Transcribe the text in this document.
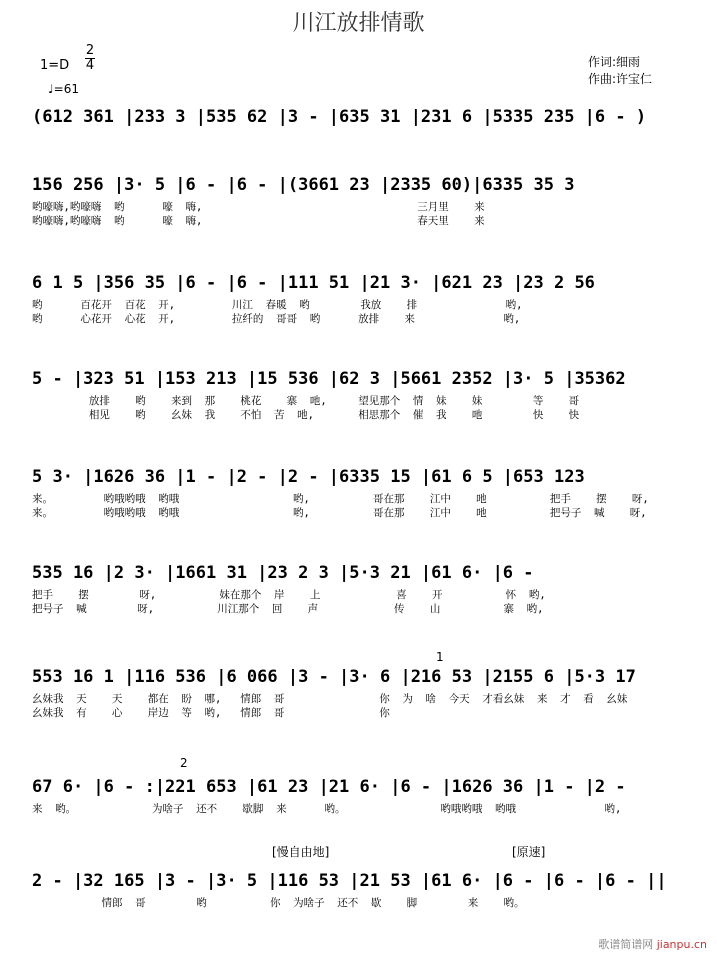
川江放排情歌
1=D
2
4
♩=61
作词:细雨
作曲:许宝仁
(612 361 |233 3 |535 62 |3 - |635 31 |231 6 |5335 235 |6 - )
156 256 |3· 5 |6 - |6 - |(3661 23 |2335 60)|6335 35 3
哟嚎嗨,哟嚎嗨  哟      嚎  嗨,                                  三月里    来
哟嚎嗨,哟嚎嗨  哟      嚎  嗨,                                  春天里    来
6 1 5 |356 35 |6 - |6 - |111 51 |21 3· |621 23 |23 2 56
哟      百花开  百花  开,         川江  春暖  哟        我放    排              哟,
哟      心花开  心花  开,         拉纤的  哥哥  哟      放排    来              哟,
5 - |323 51 |153 213 |15 536 |62 3 |5661 2352 |3· 5 |35362
放排    哟    来到  那    桃花    寨  吔,     望见那个  情  妹    妹        等    哥
相见    哟    幺妹  我    不怕  苦  吔,       相思那个  催  我    吔        快    快
5 3· |1626 36 |1 - |2 - |2 - |6335 15 |61 6 5 |653 123
来。        哟哦哟哦  哟哦                  哟,          哥在那    江中    吔          把手    摆    呀,
来。        哟哦哟哦  哟哦                  哟,          哥在那    江中    吔          把号子  喊    呀,
535 16 |2 3· |1661 31 |23 2 3 |5·3 21 |61 6· |6 -
把手    摆        呀,          妹在那个  岸    上            喜    开          怀  哟,
把号子  喊        呀,          川江那个  回    声            传    山          寨  哟,
1
553 16 1 |116 536 |6 066 |3 - |3· 6 |216 53 |2155 6 |5·3 17
幺妹我  天    天    都在  盼  哪,   情郎  哥               你  为  啥  今天  才看幺妹  来  才  看  幺妹
幺妹我  有    心    岸边  等  哟,   情郎  哥               你
2
67 6· |6 - :|221 653 |61 23 |21 6· |6 - |1626 36 |1 - |2 -
来  哟。            为啥子  还不    歇脚  来      哟。               哟哦哟哦  哟哦              哟,
[慢自由地]	[原速]
2 - |32 165 |3 - |3· 5 |116 53 |21 53 |61 6· |6 - |6 - |6 - ||
情郎  哥        哟          你  为啥子  还不  歇    脚        来    哟。
歌谱简谱网 jianpu.cn
